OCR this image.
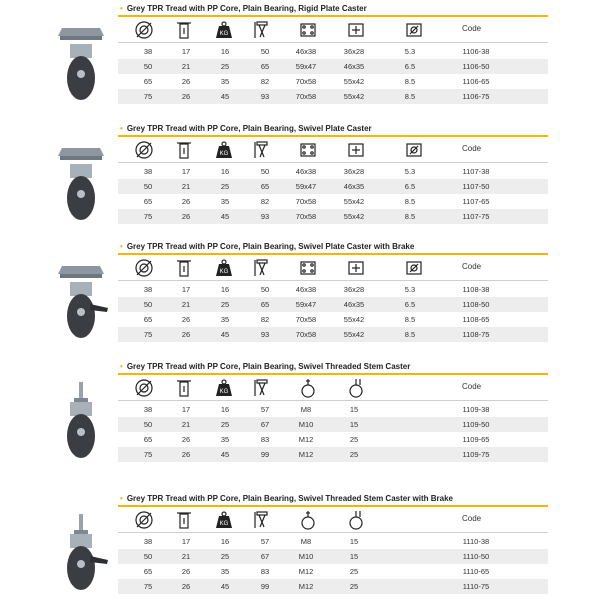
• Grey TPR Tread with PP Core, Plain Bearing, Rigid Plate Caster
KG
Code
38	17	16	50	46x38	36x28	5.3	1106-38
50	21	25	65	59x47	46x35	6.5	1106-50
65	26	35	82	70x58	55x42	8.5	1106-65
75	26	45	93	70x58	55x42	8.5	1106-75
• Grey TPR Tread with PP Core, Plain Bearing, Swivel Plate Caster
KG
Code
38	17	16	50	46x38	36x28	5.3	1107-38
50	21	25	65	59x47	46x35	6.5	1107-50
65	26	35	82	70x58	55x42	8.5	1107-65
75	26	45	93	70x58	55x42	8.5	1107-75
• Grey TPR Tread with PP Core, Plain Bearing, Swivel Plate Caster with Brake
KG
Code
38	17	16	50	46x38	36x28	5.3	1108-38
50	21	25	65	59x47	46x35	6.5	1108-50
65	26	35	82	70x58	55x42	8.5	1108-65
75	26	45	93	70x58	55x42	8.5	1108-75
• Grey TPR Tread with PP Core, Plain Bearing, Swivel Threaded Stem Caster
KG
Code
38	17	16	57	M8	15	1109-38
50	21	25	67	M10	15	1109-50
65	26	35	83	M12	25	1109-65
75	26	45	99	M12	25	1109-75
• Grey TPR Tread with PP Core, Plain Bearing, Swivel Threaded Stem Caster with Brake
KG
Code
38	17	16	57	M8	15	1110-38
50	21	25	67	M10	15	1110-50
65	26	35	83	M12	25	1110-65
75	26	45	99	M12	25	1110-75
